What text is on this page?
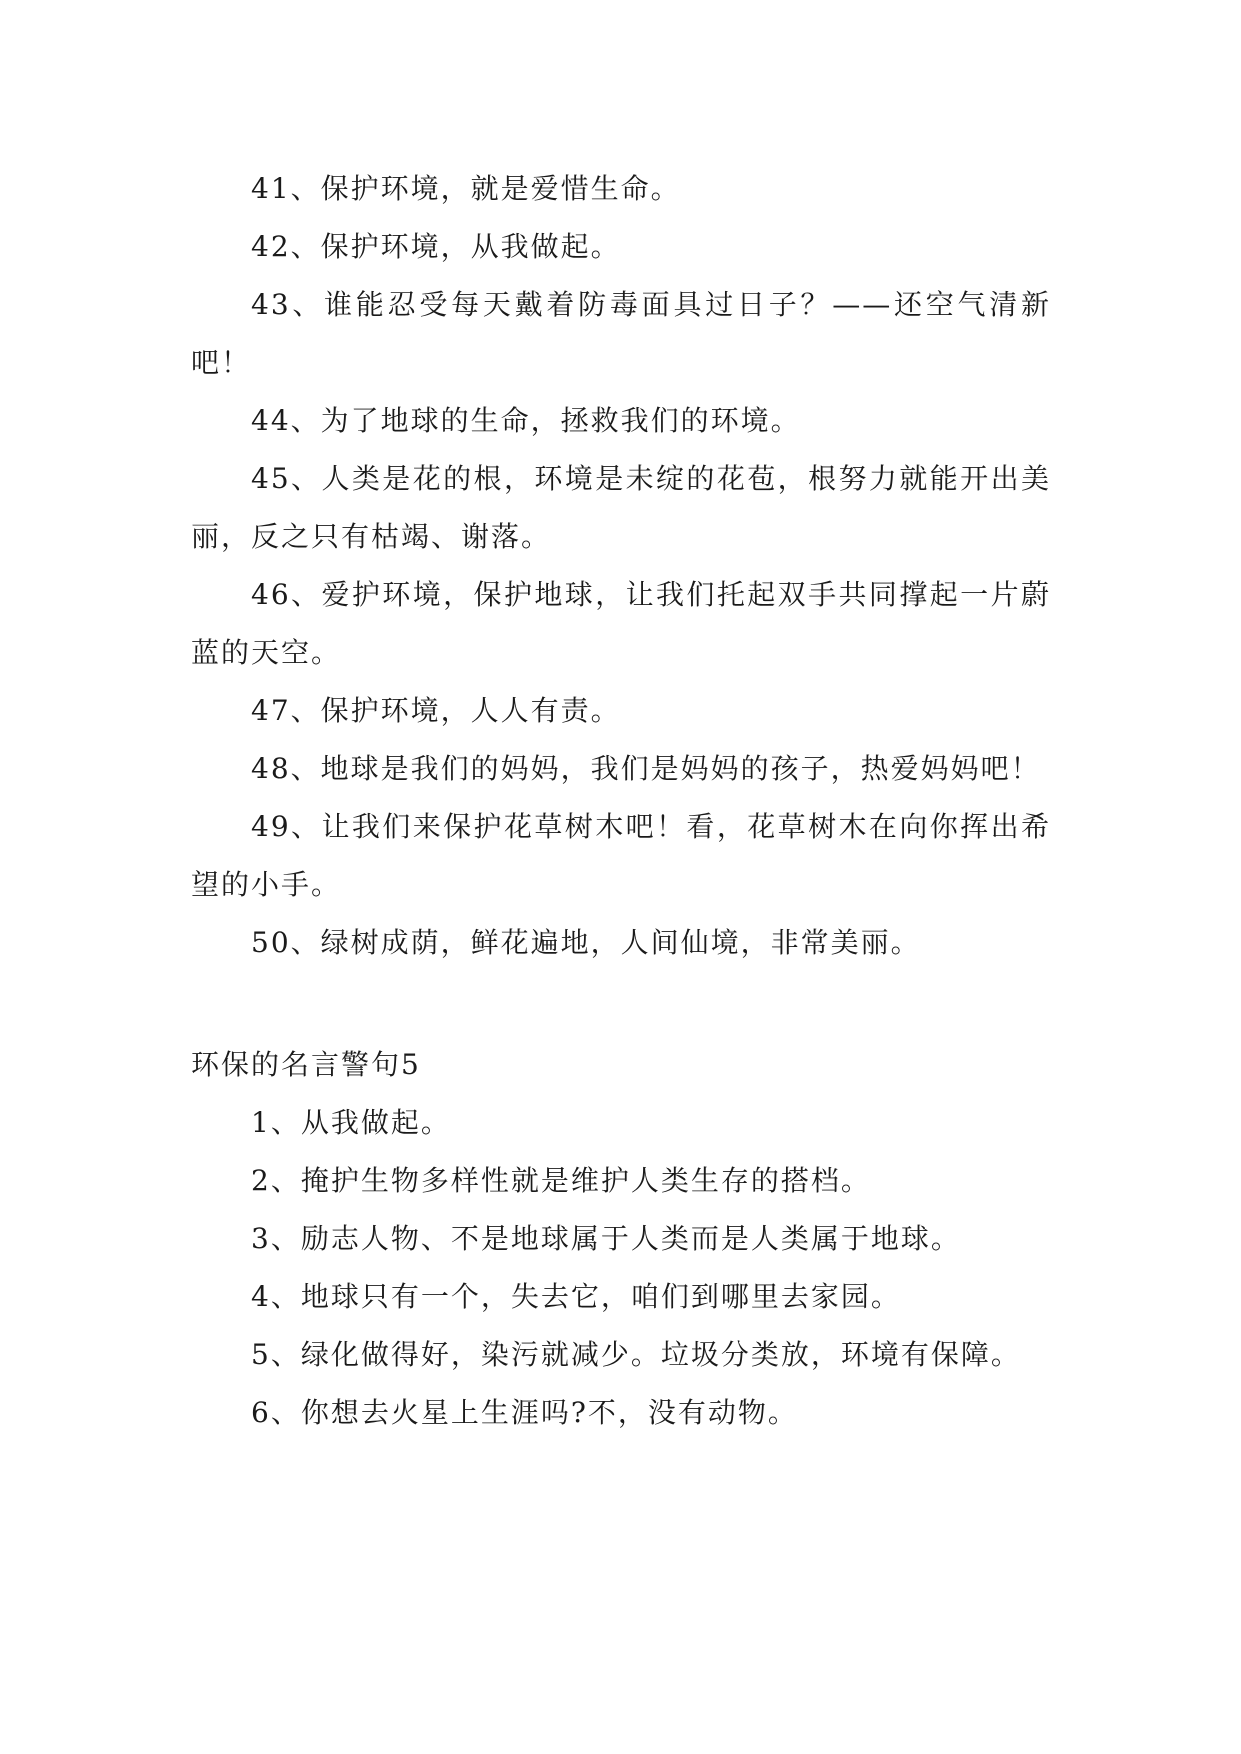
41、保护环境，就是爱惜生命。

42、保护环境，从我做起。

43、谁能忍受每天戴着防毒面具过日子？——还空气清新吧！

44、为了地球的生命，拯救我们的环境。

45、人类是花的根，环境是未绽的花苞，根努力就能开出美丽，反之只有枯竭、谢落。

46、爱护环境，保护地球，让我们托起双手共同撑起一片蔚蓝的天空。

47、保护环境，人人有责。

48、地球是我们的妈妈，我们是妈妈的孩子，热爱妈妈吧！

49、让我们来保护花草树木吧！看，花草树木在向你挥出希望的小手。

50、绿树成荫，鲜花遍地，人间仙境，非常美丽。

环保的名言警句5

1、从我做起。

2、掩护生物多样性就是维护人类生存的搭档。

3、励志人物、不是地球属于人类而是人类属于地球。

4、地球只有一个，失去它，咱们到哪里去家园。

5、绿化做得好，染污就减少。垃圾分类放，环境有保障。

6、你想去火星上生涯吗?不，没有动物。
